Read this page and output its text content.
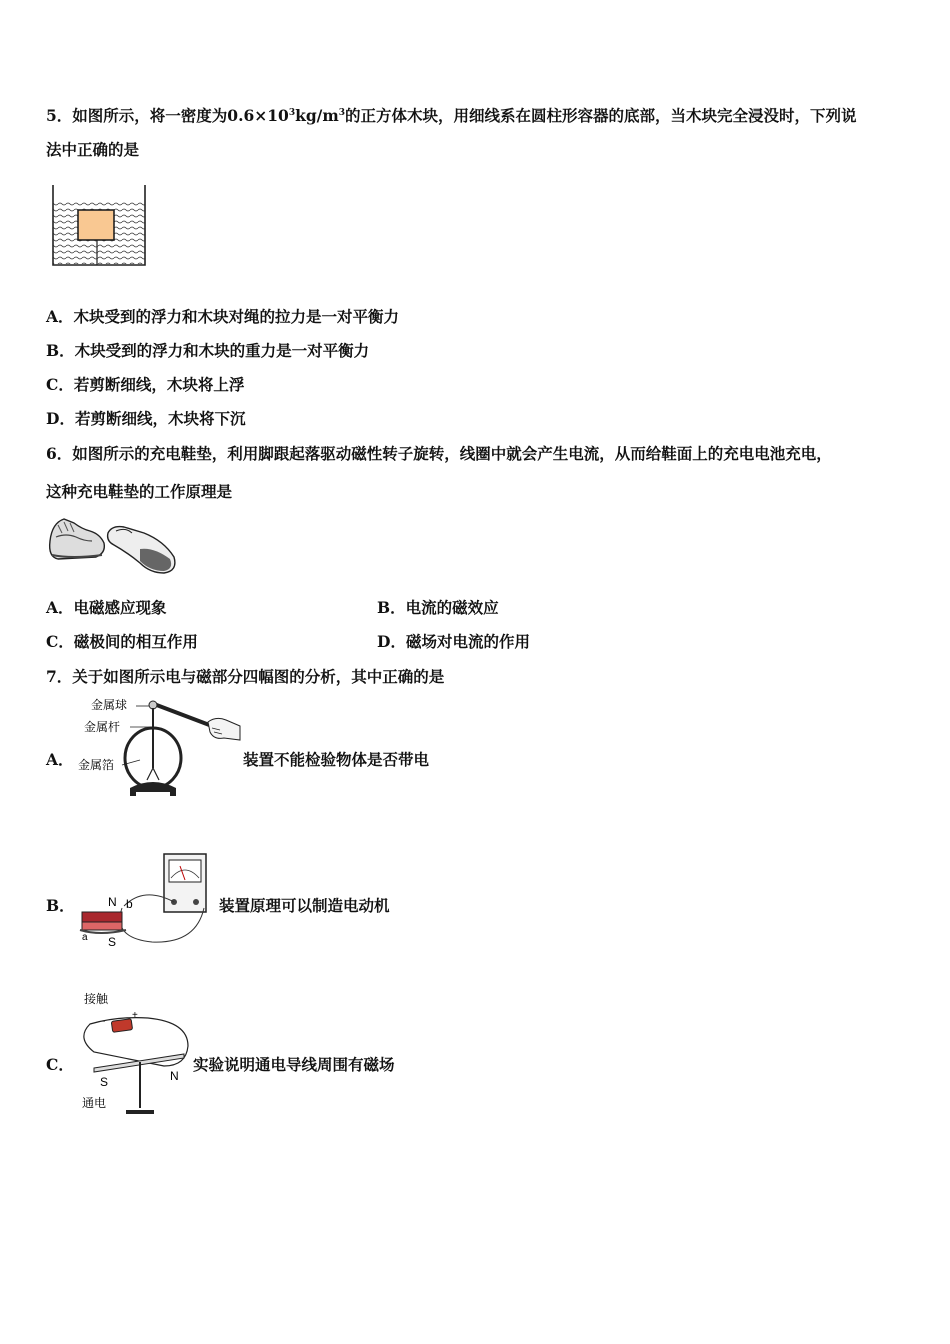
5．如图所示，将一密度为$0.6\times 10^3kg/m^3$的正方体木块，用细线系在圆柱形容器的底部，当木块完全浸没时，下列说
法中正确的是
A．木块受到的浮力和木块对绳的拉力是一对平衡力
B．木块受到的浮力和木块的重力是一对平衡力
C．若剪断细线，木块将上浮
D．若剪断细线，木块将下沉
6．如图所示的充电鞋垫，利用脚跟起落驱动磁性转子旋转，线圈中就会产生电流，从而给鞋面上的充电电池充电，
这种充电鞋垫的工作原理是
A．电磁感应现象	B．电流的磁效应
C．磁极间的相互作用	D．磁场对电流的作用
7．关于如图所示电与磁部分四幅图的分析，其中正确的是
A．
金属球
金属杆
金属箔	装置不能检验物体是否带电
B．	N b
S
a
装置原理可以制造电动机
C．
接触
-
+
S	N
通电
实验说明通电导线周围有磁场
